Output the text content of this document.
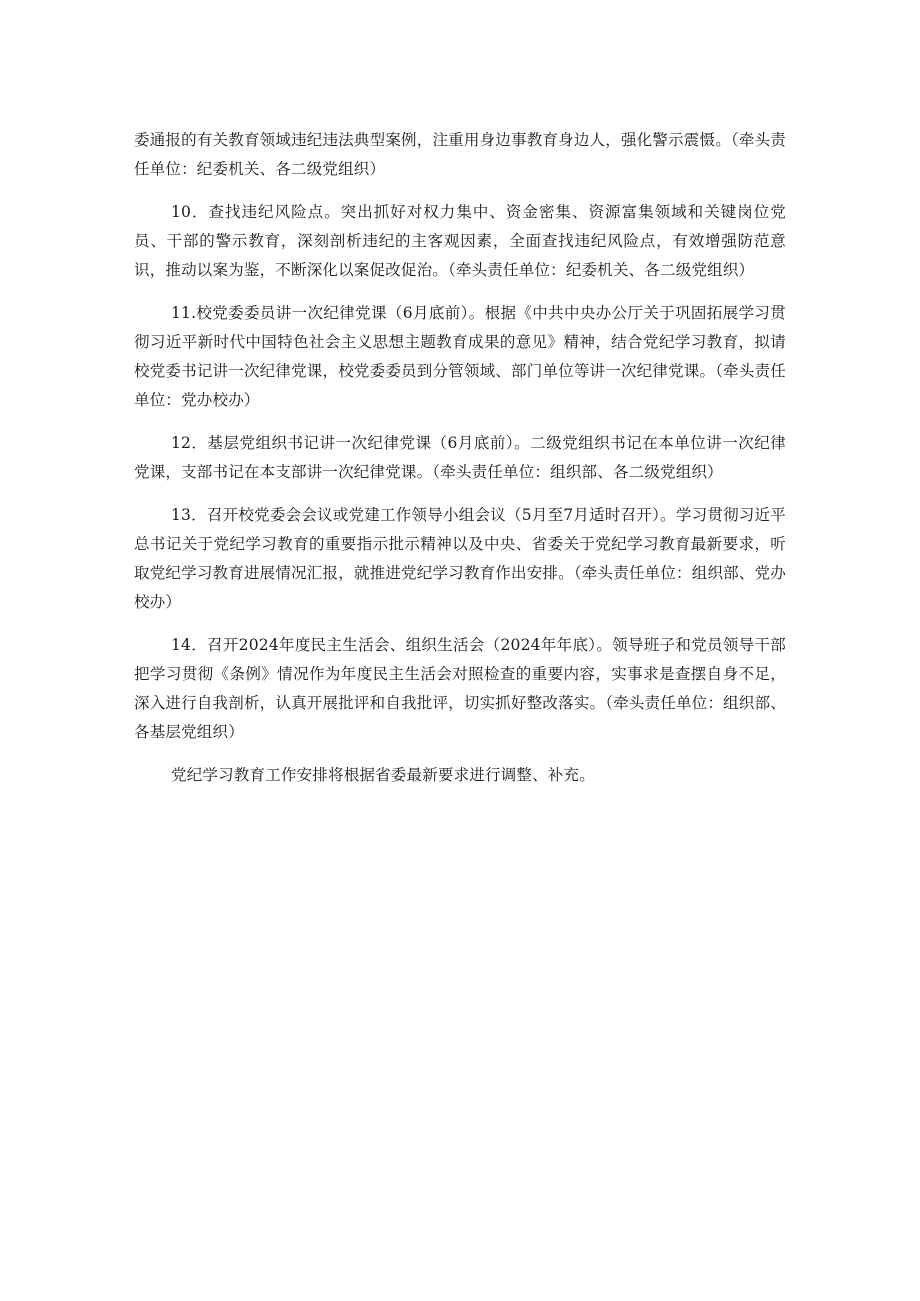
委通报的有关教育领域违纪违法典型案例，注重用身边事教育身边人，强化警示震慑。（牵头责任单位：纪委机关、各二级党组织）

10．查找违纪风险点。突出抓好对权力集中、资金密集、资源富集领域和关键岗位党员、干部的警示教育，深刻剖析违纪的主客观因素，全面查找违纪风险点，有效增强防范意识，推动以案为鉴，不断深化以案促改促治。（牵头责任单位：纪委机关、各二级党组织）

11.校党委委员讲一次纪律党课（6月底前）。根据《中共中央办公厅关于巩固拓展学习贯彻习近平新时代中国特色社会主义思想主题教育成果的意见》精神，结合党纪学习教育，拟请校党委书记讲一次纪律党课，校党委委员到分管领域、部门单位等讲一次纪律党课。（牵头责任单位：党办校办）

12．基层党组织书记讲一次纪律党课（6月底前）。二级党组织书记在本单位讲一次纪律党课，支部书记在本支部讲一次纪律党课。（牵头责任单位：组织部、各二级党组织）

13．召开校党委会会议或党建工作领导小组会议（5月至7月适时召开）。学习贯彻习近平总书记关于党纪学习教育的重要指示批示精神以及中央、省委关于党纪学习教育最新要求，听取党纪学习教育进展情况汇报，就推进党纪学习教育作出安排。（牵头责任单位：组织部、党办校办）

14．召开2024年度民主生活会、组织生活会（2024年年底）。领导班子和党员领导干部把学习贯彻《条例》情况作为年度民主生活会对照检查的重要内容，实事求是查摆自身不足，深入进行自我剖析，认真开展批评和自我批评，切实抓好整改落实。（牵头责任单位：组织部、各基层党组织）

党纪学习教育工作安排将根据省委最新要求进行调整、补充。
